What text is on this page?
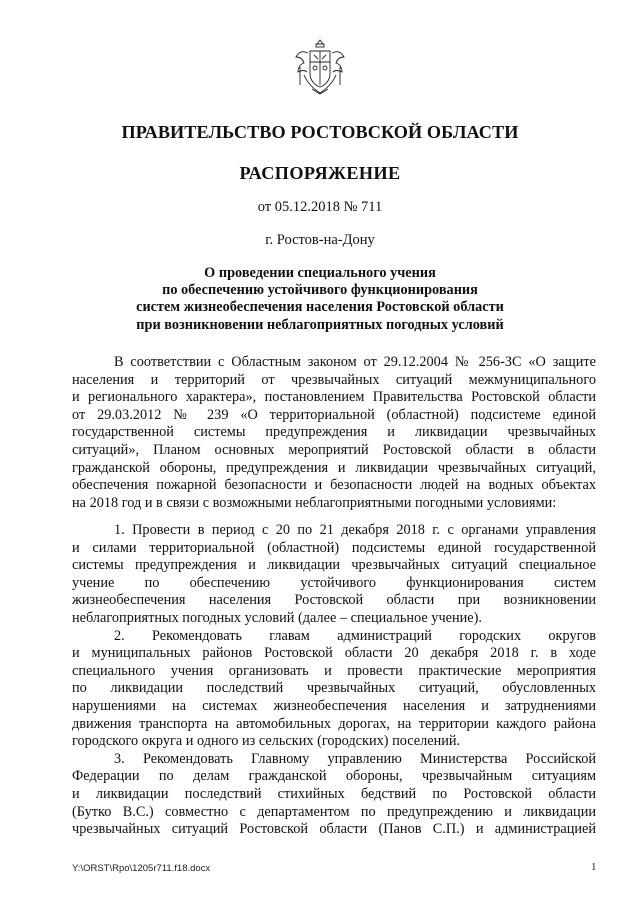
ПРАВИТЕЛЬСТВО РОСТОВСКОЙ ОБЛАСТИ
РАСПОРЯЖЕНИЕ
от 05.12.2018 № 711
г. Ростов-на-Дону
О проведении специального учения
по обеспечению устойчивого функционирования
систем жизнеобеспечения населения Ростовской области
при возникновении неблагоприятных погодных условий
В соответствии с Областным законом от 29.12.2004 № 256-ЗС «О защите
населения и территорий от чрезвычайных ситуаций межмуниципального
и регионального характера», постановлением Правительства Ростовской области
от 29.03.2012 № 239 «О территориальной (областной) подсистеме единой
государственной системы предупреждения и ликвидации чрезвычайных
ситуаций», Планом основных мероприятий Ростовской области в области
гражданской обороны, предупреждения и ликвидации чрезвычайных ситуаций,
обеспечения пожарной безопасности и безопасности людей на водных объектах
на 2018 год и в связи с возможными неблагоприятными погодными условиями:
1. Провести в период с 20 по 21 декабря 2018 г. с органами управления
и силами территориальной (областной) подсистемы единой государственной
системы предупреждения и ликвидации чрезвычайных ситуаций специальное
учение по обеспечению устойчивого функционирования систем
жизнеобеспечения населения Ростовской области при возникновении
неблагоприятных погодных условий (далее – специальное учение).
2. Рекомендовать главам администраций городских округов
и муниципальных районов Ростовской области 20 декабря 2018 г. в ходе
специального учения организовать и провести практические мероприятия
по ликвидации последствий чрезвычайных ситуаций, обусловленных
нарушениями на системах жизнеобеспечения населения и затруднениями
движения транспорта на автомобильных дорогах, на территории каждого района
городского округа и одного из сельских (городских) поселений.
3. Рекомендовать Главному управлению Министерства Российской
Федерации по делам гражданской обороны, чрезвычайным ситуациям
и ликвидации последствий стихийных бедствий по Ростовской области
(Бутко В.С.) совместно с департаментом по предупреждению и ликвидации
чрезвычайных ситуаций Ростовской области (Панов С.П.) и администрацией
Y:\ORST\Rpo\1205r711.f18.docx	1
